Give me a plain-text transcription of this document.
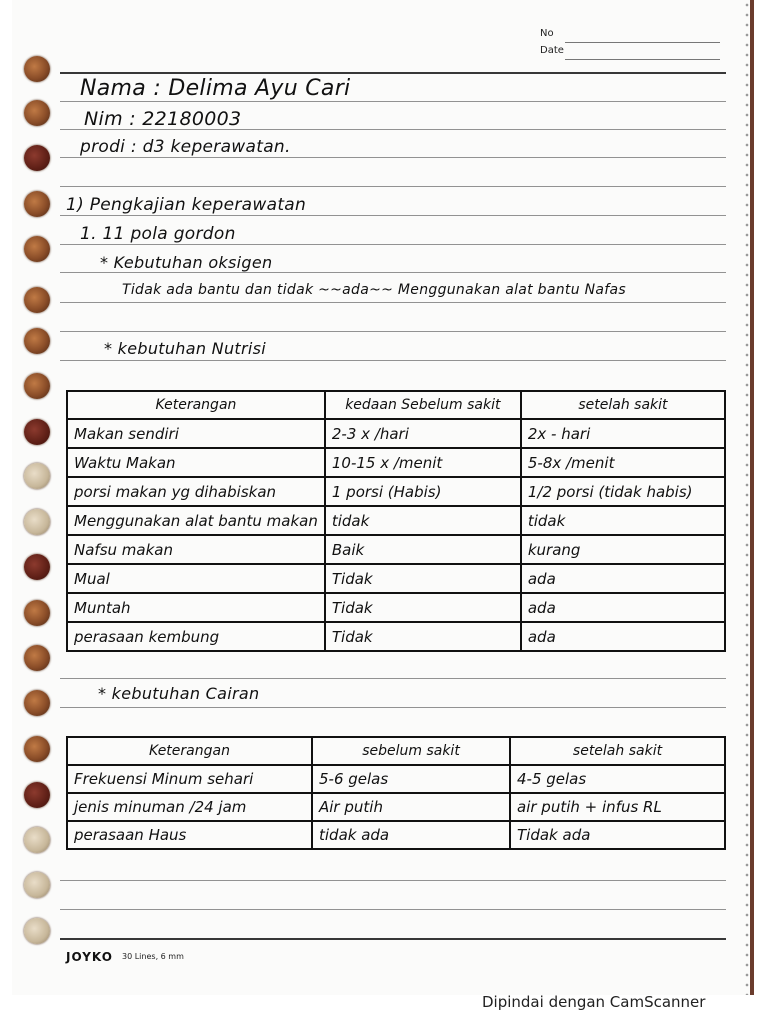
No
Date
Nama : Delima Ayu Cari
Nim : 22180003
prodi : d3 keperawatan.
1) Pengkajian keperawatan
1. 11 pola gordon
* Kebutuhan oksigen
Tidak ada bantu dan tidak ~~ada~~ Menggunakan alat bantu Nafas
* kebutuhan Nutrisi
Keterangan	kedaan Sebelum sakit	setelah sakit
Makan sendiri	2-3 x /hari	2x - hari
Waktu Makan	10-15 x /menit	5-8x /menit
porsi makan yg dihabiskan	1 porsi (Habis)	1/2 porsi (tidak habis)
Menggunakan alat bantu makan	tidak	tidak
Nafsu makan	Baik	kurang
Mual	Tidak	ada
Muntah	Tidak	ada
perasaan kembung	Tidak	ada
* kebutuhan Cairan
Keterangan	sebelum sakit	setelah sakit
Frekuensi Minum sehari	5-6 gelas	4-5 gelas
jenis minuman /24 jam	Air putih	air putih + infus RL
perasaan Haus	tidak ada	Tidak ada
JOYKO 30 Lines, 6 mm
Dipindai dengan CamScanner
